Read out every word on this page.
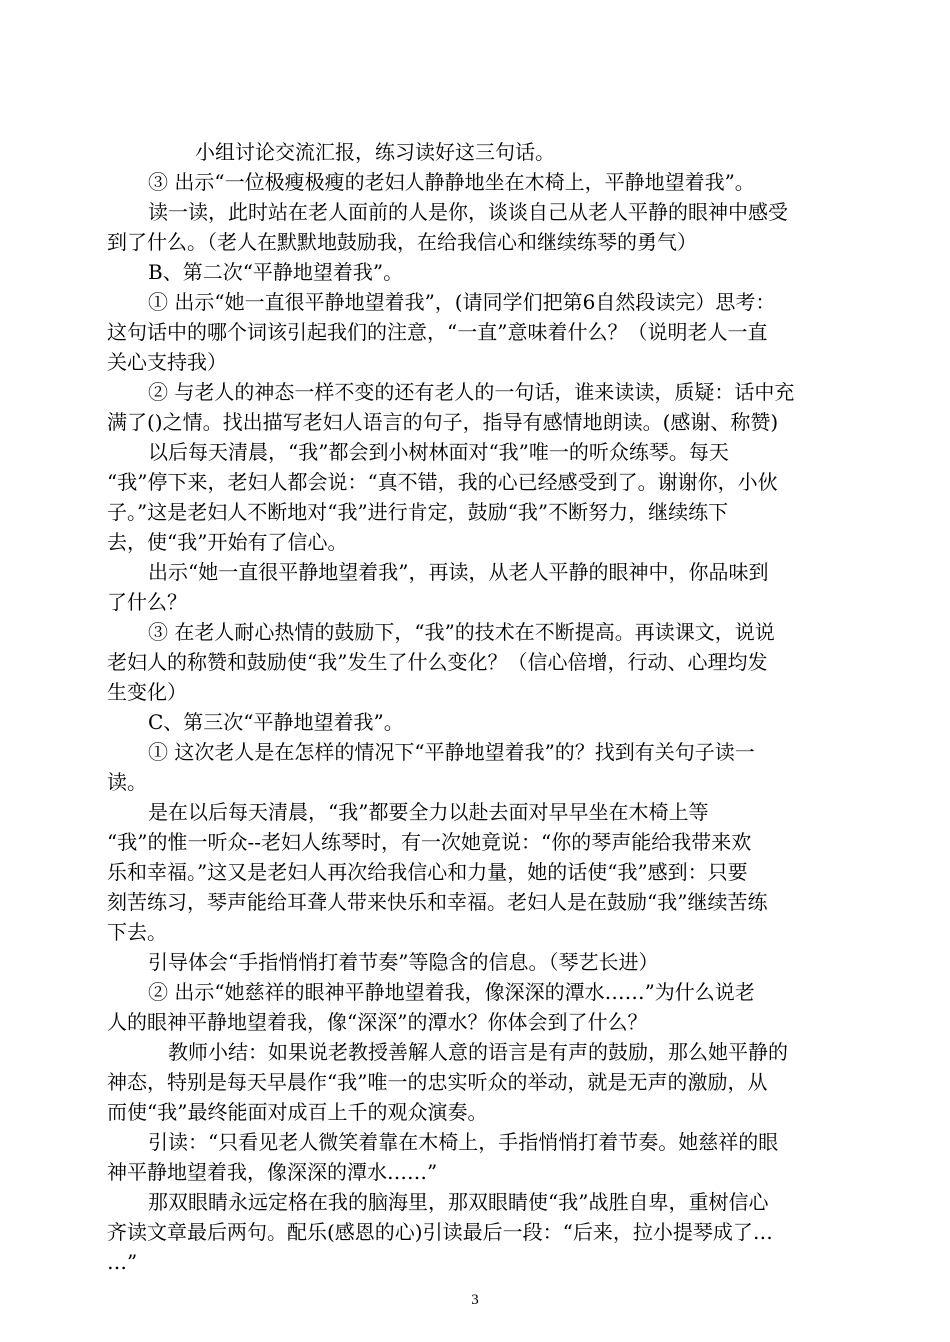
小组讨论交流汇报，练习读好这三句话。
③ 出示“一位极瘦极瘦的老妇人静静地坐在木椅上，平静地望着我”。
读一读，此时站在老人面前的人是你，谈谈自己从老人平静的眼神中感受
到了什么。（老人在默默地鼓励我，在给我信心和继续练琴的勇气）
B、第二次“平静地望着我”。
① 出示“她一直很平静地望着我”，(请同学们把第6自然段读完）思考：
这句话中的哪个词该引起我们的注意，“一直”意味着什么？（说明老人一直
关心支持我）
② 与老人的神态一样不变的还有老人的一句话，谁来读读，质疑：话中充
满了()之情。找出描写老妇人语言的句子，指导有感情地朗读。(感谢、称赞)
以后每天清晨，“我”都会到小树林面对“我”唯一的听众练琴。每天
“我”停下来，老妇人都会说：“真不错，我的心已经感受到了。谢谢你，小伙
子。”这是老妇人不断地对“我”进行肯定，鼓励“我”不断努力，继续练下
去，使“我”开始有了信心。
出示“她一直很平静地望着我”，再读，从老人平静的眼神中，你品味到
了什么？
③ 在老人耐心热情的鼓励下，“我”的技术在不断提高。再读课文，说说
老妇人的称赞和鼓励使“我”发生了什么变化？（信心倍增，行动、心理均发
生变化）
C、第三次“平静地望着我”。
① 这次老人是在怎样的情况下“平静地望着我”的？找到有关句子读一
读。
是在以后每天清晨，“我”都要全力以赴去面对早早坐在木椅上等
“我”的惟一听众--老妇人练琴时，有一次她竟说：“你的琴声能给我带来欢
乐和幸福。”这又是老妇人再次给我信心和力量，她的话使“我”感到：只要
刻苦练习，琴声能给耳聋人带来快乐和幸福。老妇人是在鼓励“我”继续苦练
下去。
引导体会“手指悄悄打着节奏”等隐含的信息。（琴艺长进）
② 出示“她慈祥的眼神平静地望着我，像深深的潭水……”为什么说老
人的眼神平静地望着我，像“深深”的潭水？你体会到了什么？
教师小结：如果说老教授善解人意的语言是有声的鼓励，那么她平静的
神态，特别是每天早晨作“我”唯一的忠实听众的举动，就是无声的激励，从
而使“我”最终能面对成百上千的观众演奏。
引读：“只看见老人微笑着靠在木椅上，手指悄悄打着节奏。她慈祥的眼
神平静地望着我，像深深的潭水……”
那双眼睛永远定格在我的脑海里，那双眼睛使“我”战胜自卑，重树信心
齐读文章最后两句。配乐(感恩的心)引读最后一段：“后来，拉小提琴成了…
…”
3
